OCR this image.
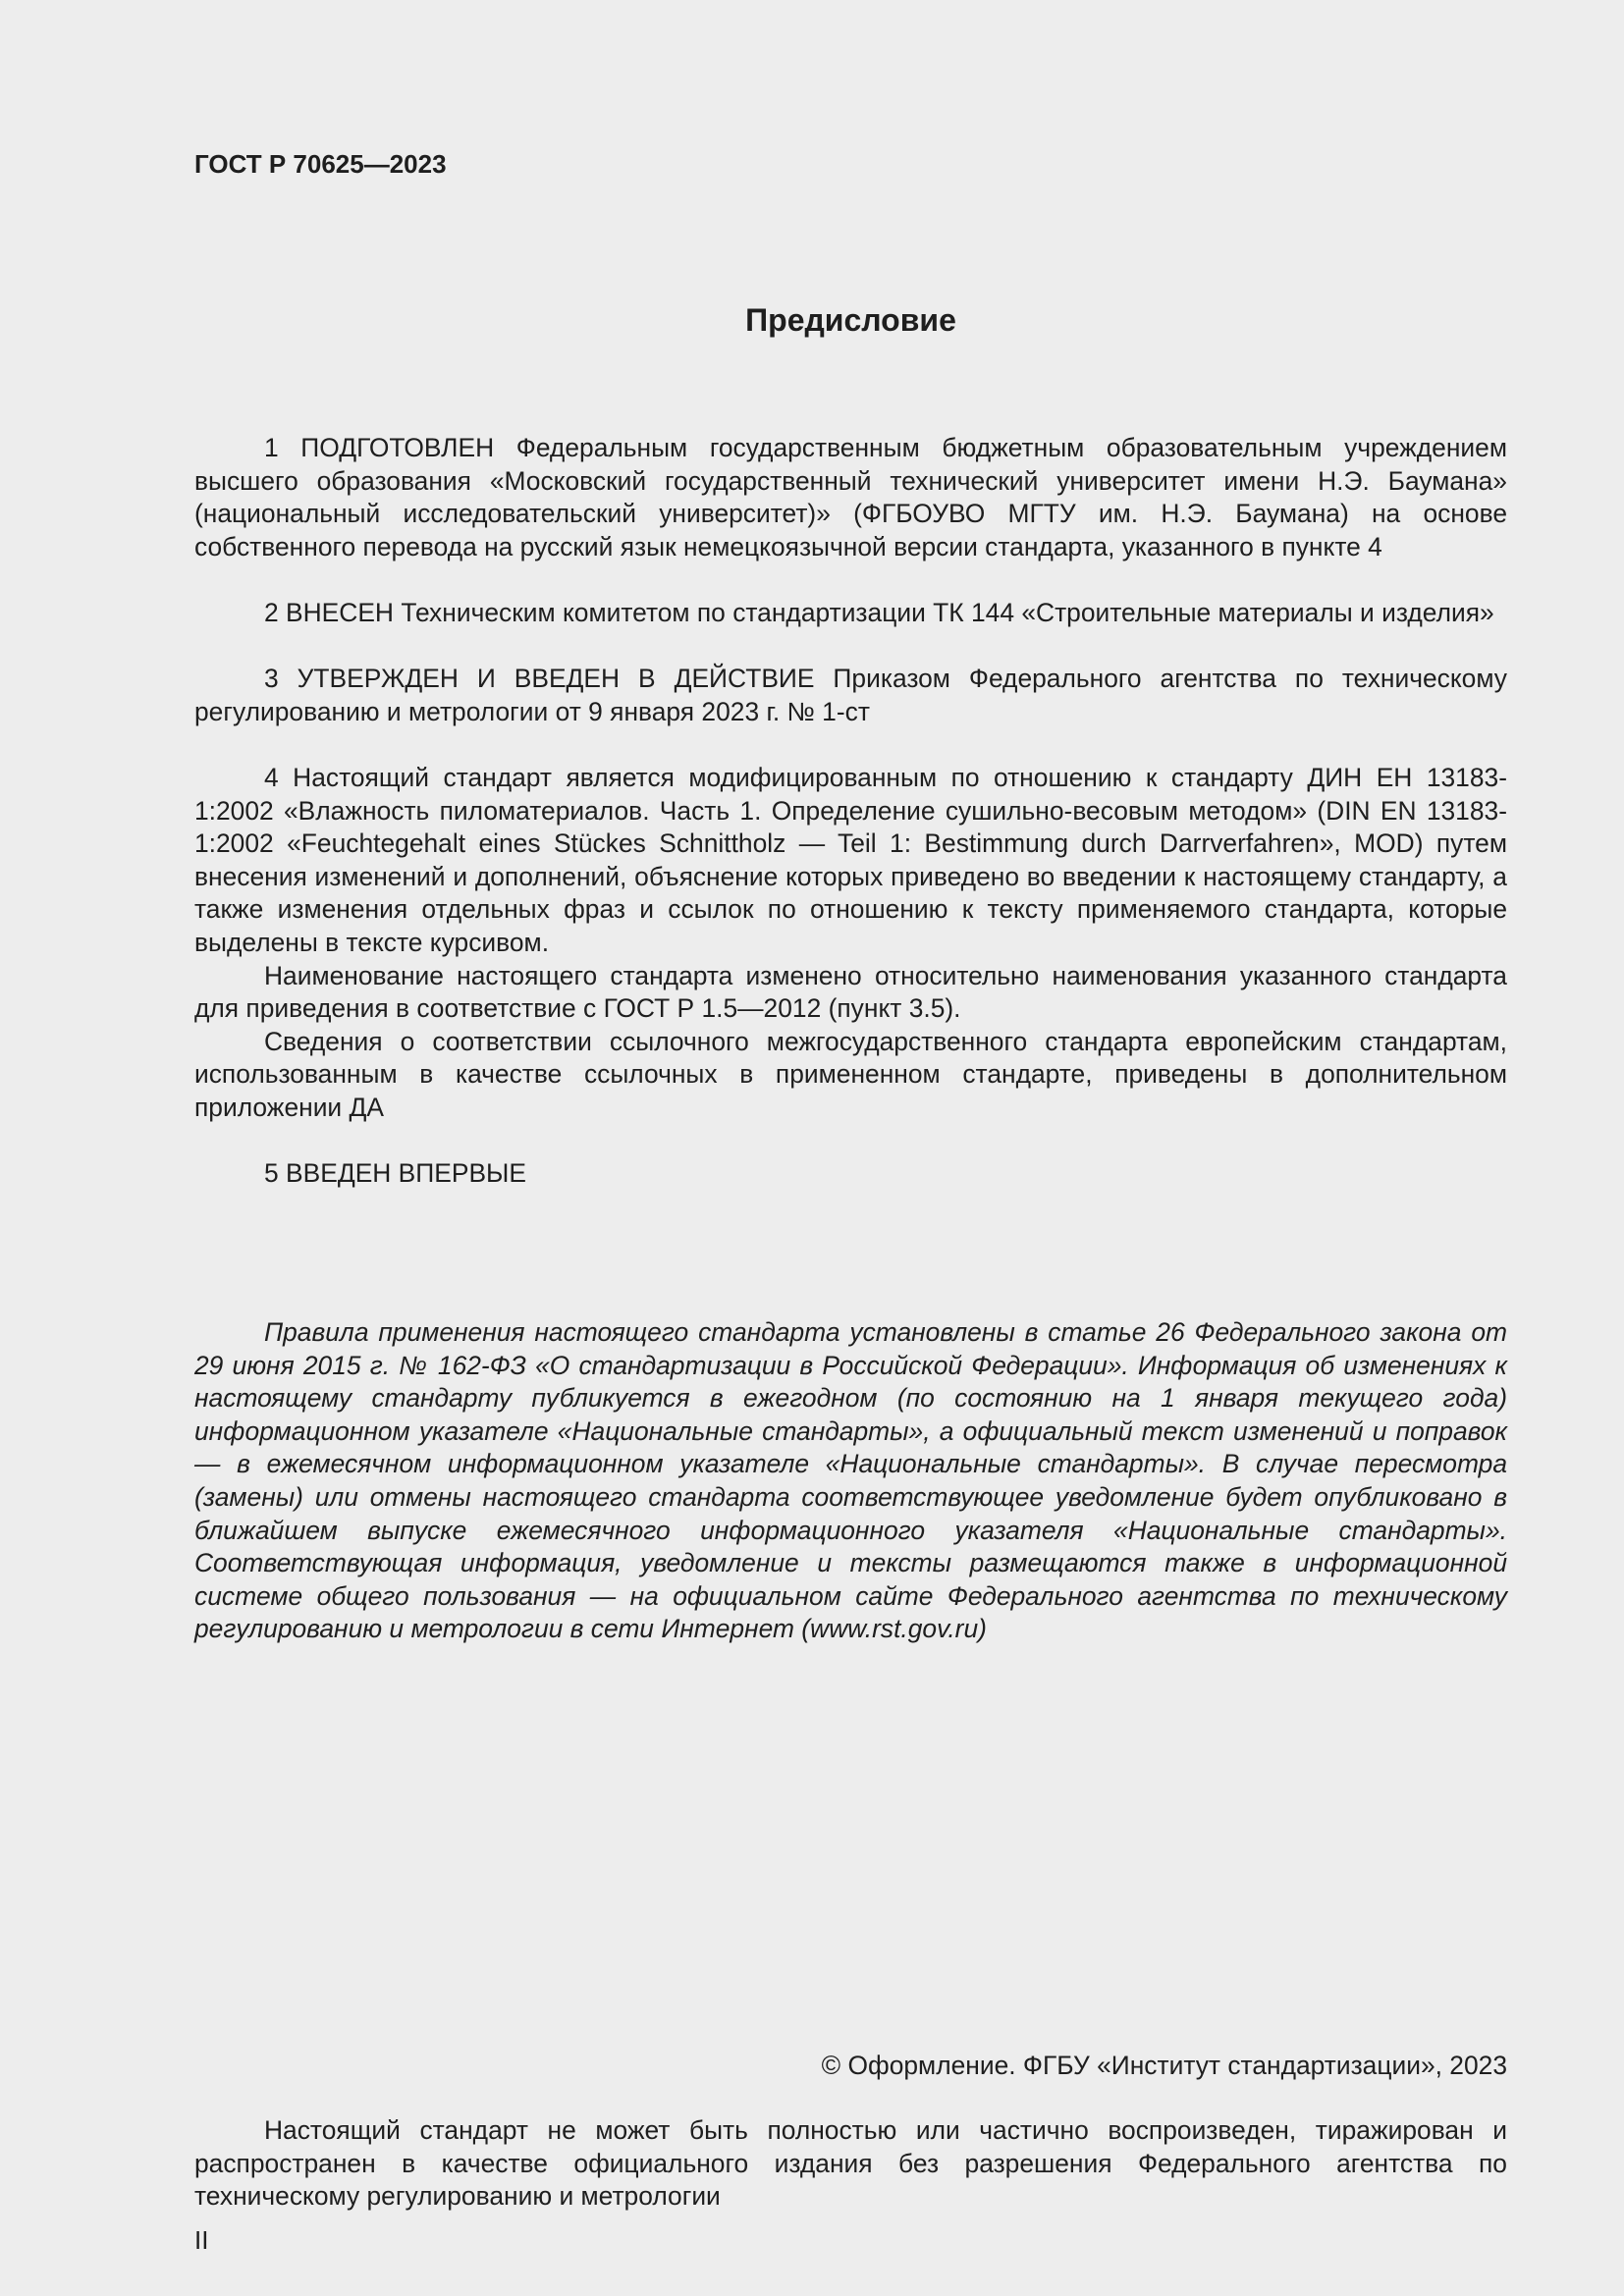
ГОСТ Р 70625—2023
Предисловие

1 ПОДГОТОВЛЕН Федеральным государственным бюджетным образовательным учреждением высшего образования «Московский государственный технический университет имени Н.Э. Баумана» (национальный исследовательский университет)» (ФГБОУВО МГТУ им. Н.Э. Баумана) на основе собственного перевода на русский язык немецкоязычной версии стандарта, указанного в пункте 4

2 ВНЕСЕН Техническим комитетом по стандартизации ТК 144 «Строительные материалы и изделия»

3 УТВЕРЖДЕН И ВВЕДЕН В ДЕЙСТВИЕ Приказом Федерального агентства по техническому регулированию и метрологии от 9 января 2023 г. № 1-ст

4 Настоящий стандарт является модифицированным по отношению к стандарту ДИН ЕН 13183-1:2002 «Влажность пиломатериалов. Часть 1. Определение сушильно-весовым методом» (DIN EN 13183-1:2002 «Feuchtegehalt eines Stückes Schnittholz — Teil 1: Bestimmung durch Darrverfahren», MOD) путем внесения изменений и дополнений, объяснение которых приведено во введении к настоящему стандарту, а также изменения отдельных фраз и ссылок по отношению к тексту применяемого стандарта, которые выделены в тексте курсивом.

Наименование настоящего стандарта изменено относительно наименования указанного стандарта для приведения в соответствие с ГОСТ Р 1.5—2012 (пункт 3.5).

Сведения о соответствии ссылочного межгосударственного стандарта европейским стандартам, использованным в качестве ссылочных в примененном стандарте, приведены в дополнительном приложении ДА

5 ВВЕДЕН ВПЕРВЫЕ

Правила применения настоящего стандарта установлены в статье 26 Федерального закона от 29 июня 2015 г. № 162-ФЗ «О стандартизации в Российской Федерации». Информация об изменениях к настоящему стандарту публикуется в ежегодном (по состоянию на 1 января текущего года) информационном указателе «Национальные стандарты», а официальный текст изменений и поправок — в ежемесячном информационном указателе «Национальные стандарты». В случае пересмотра (замены) или отмены настоящего стандарта соответствующее уведомление будет опубликовано в ближайшем выпуске ежемесячного информационного указателя «Национальные стандарты». Соответствующая информация, уведомление и тексты размещаются также в информационной системе общего пользования — на официальном сайте Федерального агентства по техническому регулированию и метрологии в сети Интернет (www.rst.gov.ru)

© Оформление. ФГБУ «Институт стандартизации», 2023

Настоящий стандарт не может быть полностью или частично воспроизведен, тиражирован и распространен в качестве официального издания без разрешения Федерального агентства по техническому регулированию и метрологии

II
